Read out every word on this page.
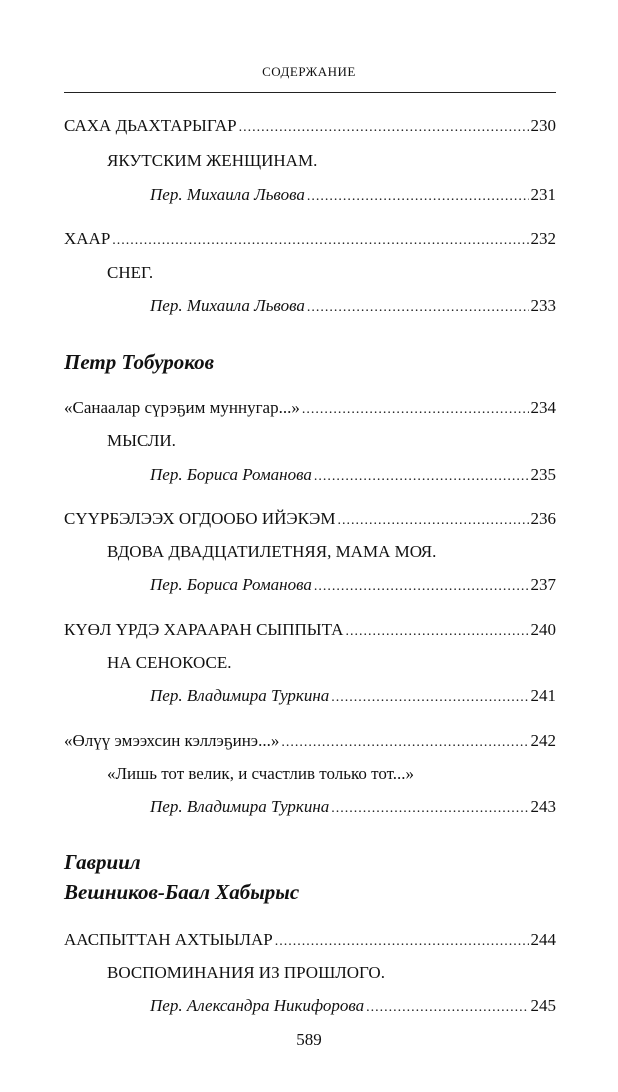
СОДЕРЖАНИЕ
САХА ДЬАХТАРЫГАР .....	230
ЯКУТСКИМ ЖЕНЩИНАМ.
Пер. Михаила Львова .....	231
ХААР .....	232
СНЕГ.
Пер. Михаила Львова .....	233
Петр Тобуроков
«Санаалар сүрэҕим муннугар...» .....	234
МЫСЛИ.
Пер. Бориса Романова .....	235
СҮҮРБЭЛЭЭХ ОГДООБО ИЙЭКЭМ .....	236
ВДОВА ДВАДЦАТИЛЕТНЯЯ, МАМА МОЯ.
Пер. Бориса Романова .....	237
КҮӨЛ ҮРДЭ ХАРААРАН СЫППЫТА .....	240
НА СЕНОКОСЕ.
Пер. Владимира Туркина .....	241
«Өлүү эмээхсин кэллэҕинэ...» .....	242
«Лишь тот велик, и счастлив только тот...»
Пер. Владимира Туркина .....	243
Гавриил
Вешников-Баал Хабырыс
ААСПЫТТАН АХТЫЫЛАР .....	244
ВОСПОМИНАНИЯ ИЗ ПРОШЛОГО.
Пер. Александра Никифорова .....	245
589
